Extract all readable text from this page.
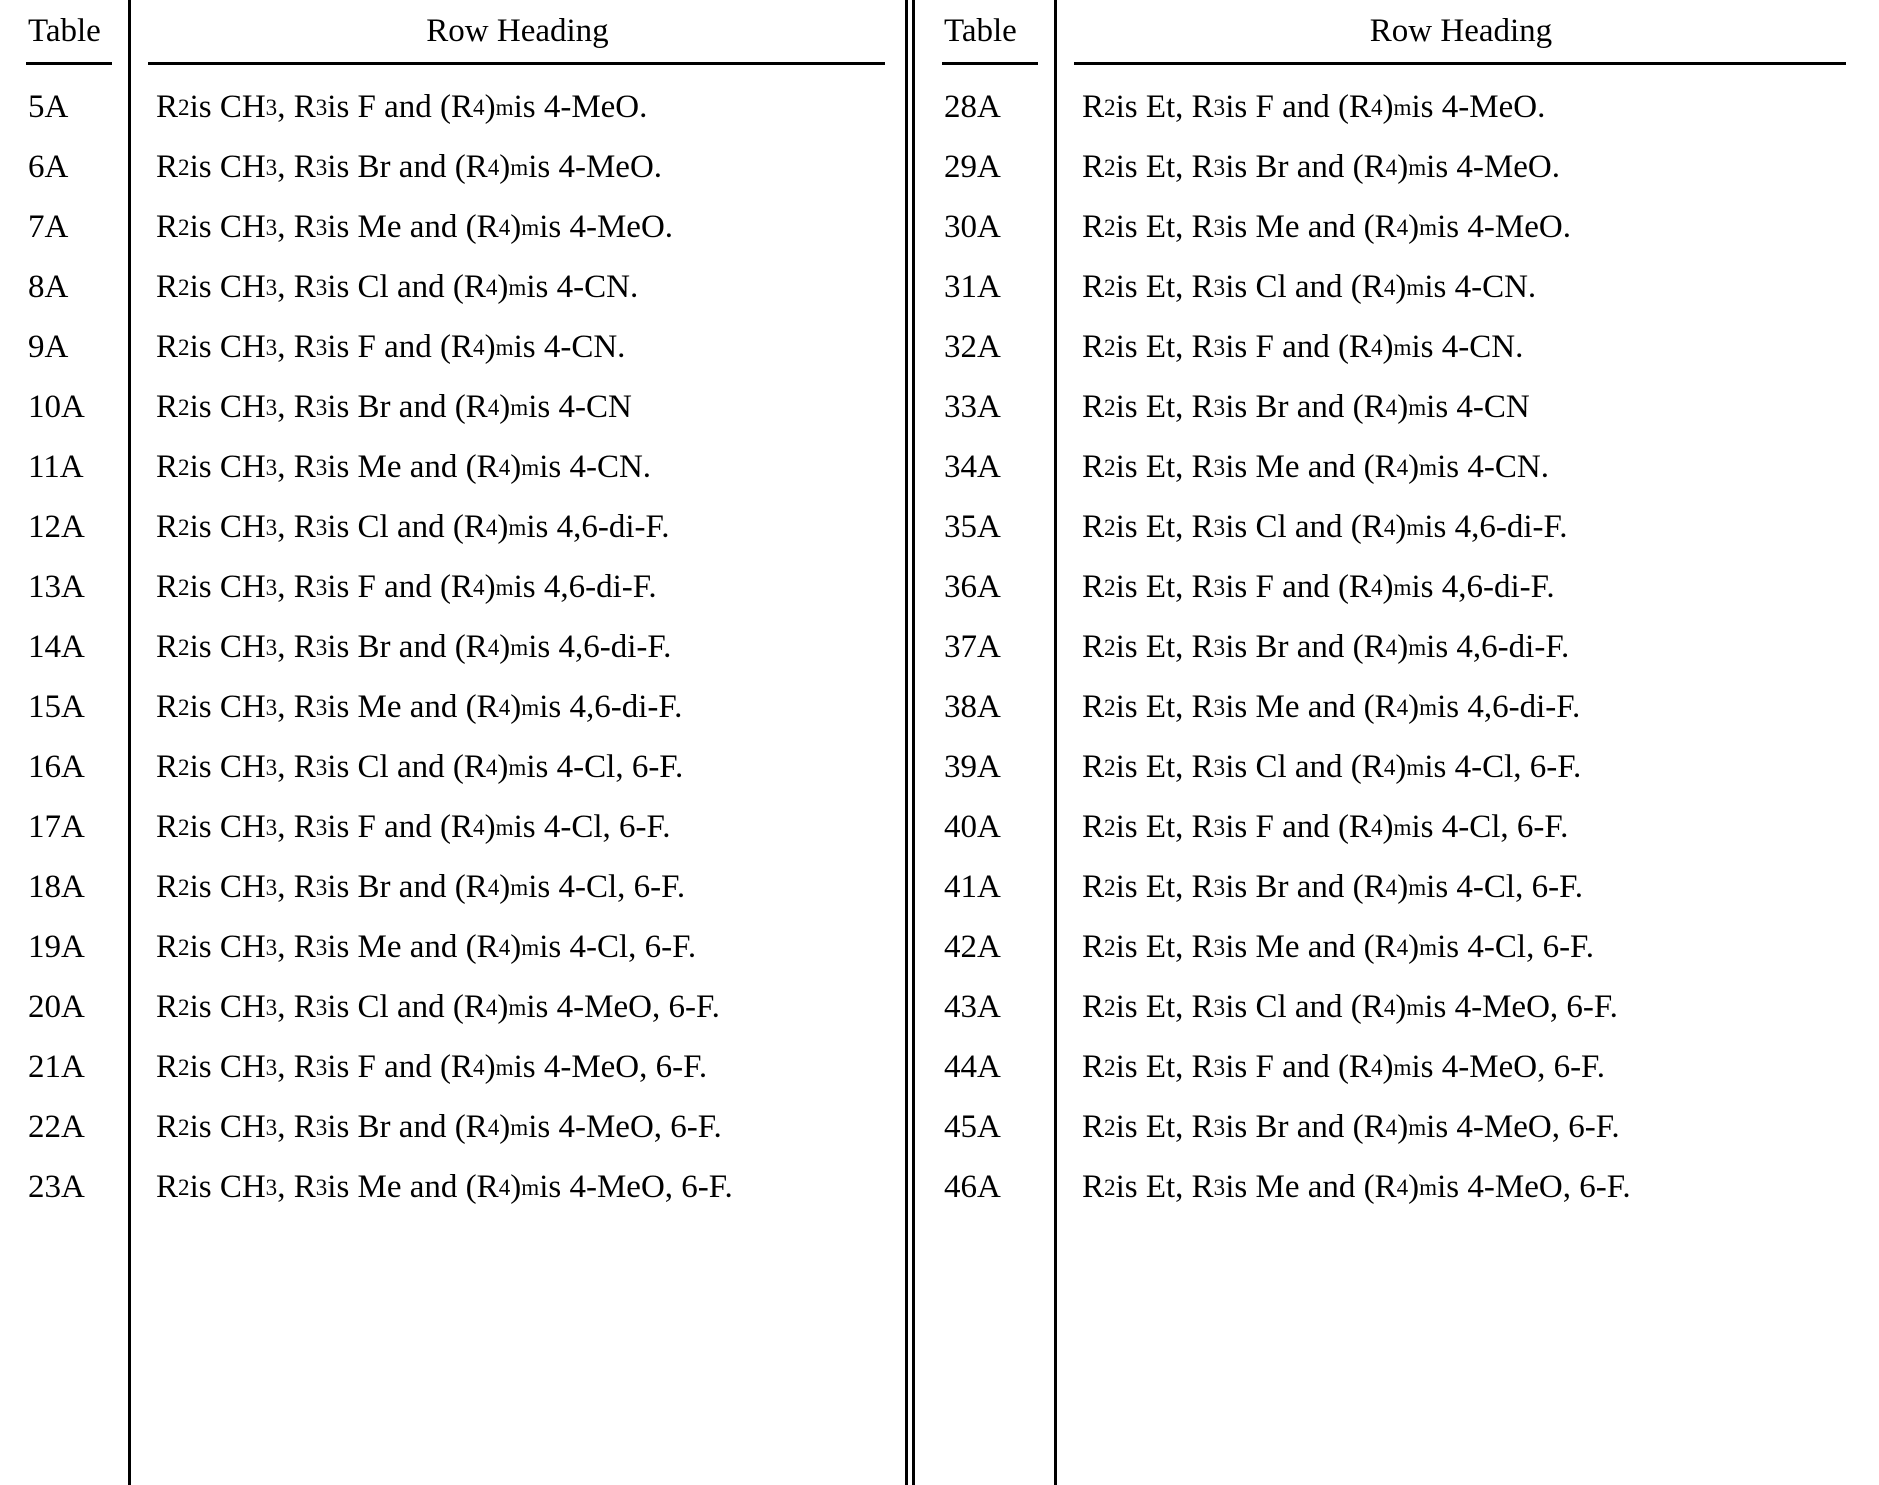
Table
5A
6A
7A
8A
9A
10A
11A
12A
13A
14A
15A
16A
17A
18A
19A
20A
21A
22A
23A
Row Heading
R 2 is CH 3 , R 3 is F and (R 4 ) m is 4-MeO.
R 2 is CH 3 , R 3 is Br and (R 4 ) m is 4-MeO.
R 2 is CH 3 , R 3 is Me and (R 4 ) m is 4-MeO.
R 2 is CH 3 , R 3 is Cl and (R 4 ) m is 4-CN.
R 2 is CH 3 , R 3 is F and (R 4 ) m is 4-CN.
R 2 is CH 3 , R 3 is Br and (R 4 ) m is 4-CN
R 2 is CH 3 , R 3 is Me and (R 4 ) m is 4-CN.
R 2 is CH 3 , R 3 is Cl and (R 4 ) m is 4,6-di-F.
R 2 is CH 3 , R 3 is F and (R 4 ) m is 4,6-di-F.
R 2 is CH 3 , R 3 is Br and (R 4 ) m is 4,6-di-F.
R 2 is CH 3 , R 3 is Me and (R 4 ) m is 4,6-di-F.
R 2 is CH 3 , R 3 is Cl and (R 4 ) m is 4-Cl, 6-F.
R 2 is CH 3 , R 3 is F and (R 4 ) m is 4-Cl, 6-F.
R 2 is CH 3 , R 3 is Br and (R 4 ) m is 4-Cl, 6-F.
R 2 is CH 3 , R 3 is Me and (R 4 ) m is 4-Cl, 6-F.
R 2 is CH 3 , R 3 is Cl and (R 4 ) m is 4-MeO, 6-F.
R 2 is CH 3 , R 3 is F and (R 4 ) m is 4-MeO, 6-F.
R 2 is CH 3 , R 3 is Br and (R 4 ) m is 4-MeO, 6-F.
R 2 is CH 3 , R 3 is Me and (R 4 ) m is 4-MeO, 6-F.
Table
28A
29A
30A
31A
32A
33A
34A
35A
36A
37A
38A
39A
40A
41A
42A
43A
44A
45A
46A
Row Heading
R 2 is Et, R 3 is F and (R 4 ) m is 4-MeO.
R 2 is Et, R 3 is Br and (R 4 ) m is 4-MeO.
R 2 is Et, R 3 is Me and (R 4 ) m is 4-MeO.
R 2 is Et, R 3 is Cl and (R 4 ) m is 4-CN.
R 2 is Et, R 3 is F and (R 4 ) m is 4-CN.
R 2 is Et, R 3 is Br and (R 4 ) m is 4-CN
R 2 is Et, R 3 is Me and (R 4 ) m is 4-CN.
R 2 is Et, R 3 is Cl and (R 4 ) m is 4,6-di-F.
R 2 is Et, R 3 is F and (R 4 ) m is 4,6-di-F.
R 2 is Et, R 3 is Br and (R 4 ) m is 4,6-di-F.
R 2 is Et, R 3 is Me and (R 4 ) m is 4,6-di-F.
R 2 is Et, R 3 is Cl and (R 4 ) m is 4-Cl, 6-F.
R 2 is Et, R 3 is F and (R 4 ) m is 4-Cl, 6-F.
R 2 is Et, R 3 is Br and (R 4 ) m is 4-Cl, 6-F.
R 2 is Et, R 3 is Me and (R 4 ) m is 4-Cl, 6-F.
R 2 is Et, R 3 is Cl and (R 4 ) m is 4-MeO, 6-F.
R 2 is Et, R 3 is F and (R 4 ) m is 4-MeO, 6-F.
R 2 is Et, R 3 is Br and (R 4 ) m is 4-MeO, 6-F.
R 2 is Et, R 3 is Me and (R 4 ) m is 4-MeO, 6-F.
